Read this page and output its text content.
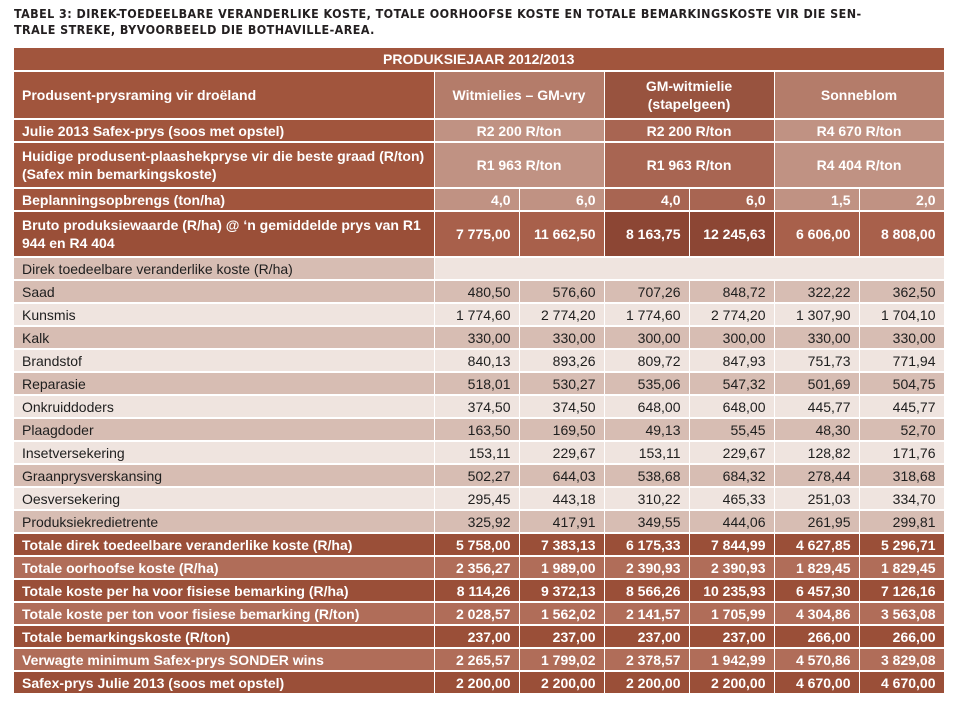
TABEL 3: DIREK-TOEDEELBARE VERANDERLIKE KOSTE, TOTALE OORHOOFSE KOSTE EN TOTALE BEMARKINGSKOSTE VIR DIE SEN-
TRALE STREKE, BYVOORBEELD DIE BOTHAVILLE-AREA.
PRODUKSIEJAAR 2012/2013						
Produsent-prysraming vir droëland	Witmielies – GM-vry		GM-witmielie (stapelgeen)		Sonneblom	
Julie 2013 Safex-prys (soos met opstel)	R2 200 R/ton		R2 200 R/ton		R4 670 R/ton	
Huidige produsent-plaashekpryse vir die beste graad (R/ton) (Safex min bemarkingskoste)	R1 963 R/ton		R1 963 R/ton		R4 404 R/ton	
Beplanningsopbrengs (ton/ha)	4,0	6,0	4,0	6,0	1,5	2,0
Bruto produksiewaarde (R/ha) @ ‘n gemiddelde prys van R1 944 en R4 404	7 775,00	11 662,50	8 163,75	12 245,63	6 606,00	8 808,00
Direk toedeelbare veranderlike koste (R/ha)						
Saad	480,50	576,60	707,26	848,72	322,22	362,50
Kunsmis	1 774,60	2 774,20	1 774,60	2 774,20	1 307,90	1 704,10
Kalk	330,00	330,00	300,00	300,00	330,00	330,00
Brandstof	840,13	893,26	809,72	847,93	751,73	771,94
Reparasie	518,01	530,27	535,06	547,32	501,69	504,75
Onkruiddoders	374,50	374,50	648,00	648,00	445,77	445,77
Plaagdoder	163,50	169,50	49,13	55,45	48,30	52,70
Insetversekering	153,11	229,67	153,11	229,67	128,82	171,76
Graanprysverskansing	502,27	644,03	538,68	684,32	278,44	318,68
Oesversekering	295,45	443,18	310,22	465,33	251,03	334,70
Produksiekredietrente	325,92	417,91	349,55	444,06	261,95	299,81
Totale direk toedeelbare veranderlike koste (R/ha)	5 758,00	7 383,13	6 175,33	7 844,99	4 627,85	5 296,71
Totale oorhoofse koste (R/ha)	2 356,27	1 989,00	2 390,93	2 390,93	1 829,45	1 829,45
Totale koste per ha voor fisiese bemarking (R/ha)	8 114,26	9 372,13	8 566,26	10 235,93	6 457,30	7 126,16
Totale koste per ton voor fisiese bemarking (R/ton)	2 028,57	1 562,02	2 141,57	1 705,99	4 304,86	3 563,08
Totale bemarkingskoste (R/ton)	237,00	237,00	237,00	237,00	266,00	266,00
Verwagte minimum Safex-prys SONDER wins	2 265,57	1 799,02	2 378,57	1 942,99	4 570,86	3 829,08
Safex-prys Julie 2013 (soos met opstel)	2 200,00	2 200,00	2 200,00	2 200,00	4 670,00	4 670,00
